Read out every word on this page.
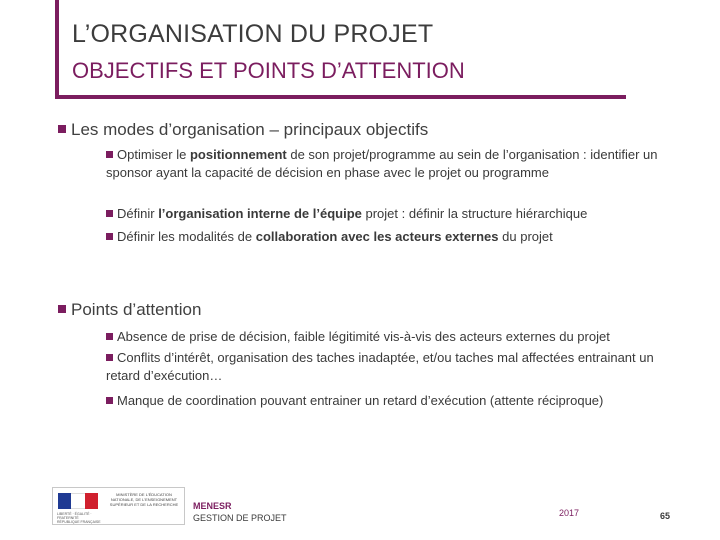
L’ORGANISATION DU PROJET
OBJECTIFS ET POINTS D’ATTENTION
Les modes d’organisation – principaux objectifs
Optimiser le positionnement de son projet/programme au sein de l’organisation : identifier un sponsor ayant la capacité de décision en phase avec le projet ou programme
Définir l’organisation interne de l’équipe projet : définir la structure hiérarchique
Définir les modalités de collaboration avec les acteurs externes du projet
Points d’attention
Absence de prise de décision, faible légitimité vis-à-vis des acteurs externes du projet
Conflits d’intérêt, organisation des taches inadaptée, et/ou taches mal affectées entrainant un retard d’exécution…
Manque de coordination pouvant entrainer un retard d’exécution (attente réciproque)
LIBERTÉ · ÉGALITÉ · FRATERNITÉ RÉPUBLIQUE FRANÇAISE
MINISTÈRE DE L’ÉDUCATION NATIONALE, DE L’ENSEIGNEMENT SUPÉRIEUR ET DE LA RECHERCHE MENESR
GESTION DE PROJET	2017	65
